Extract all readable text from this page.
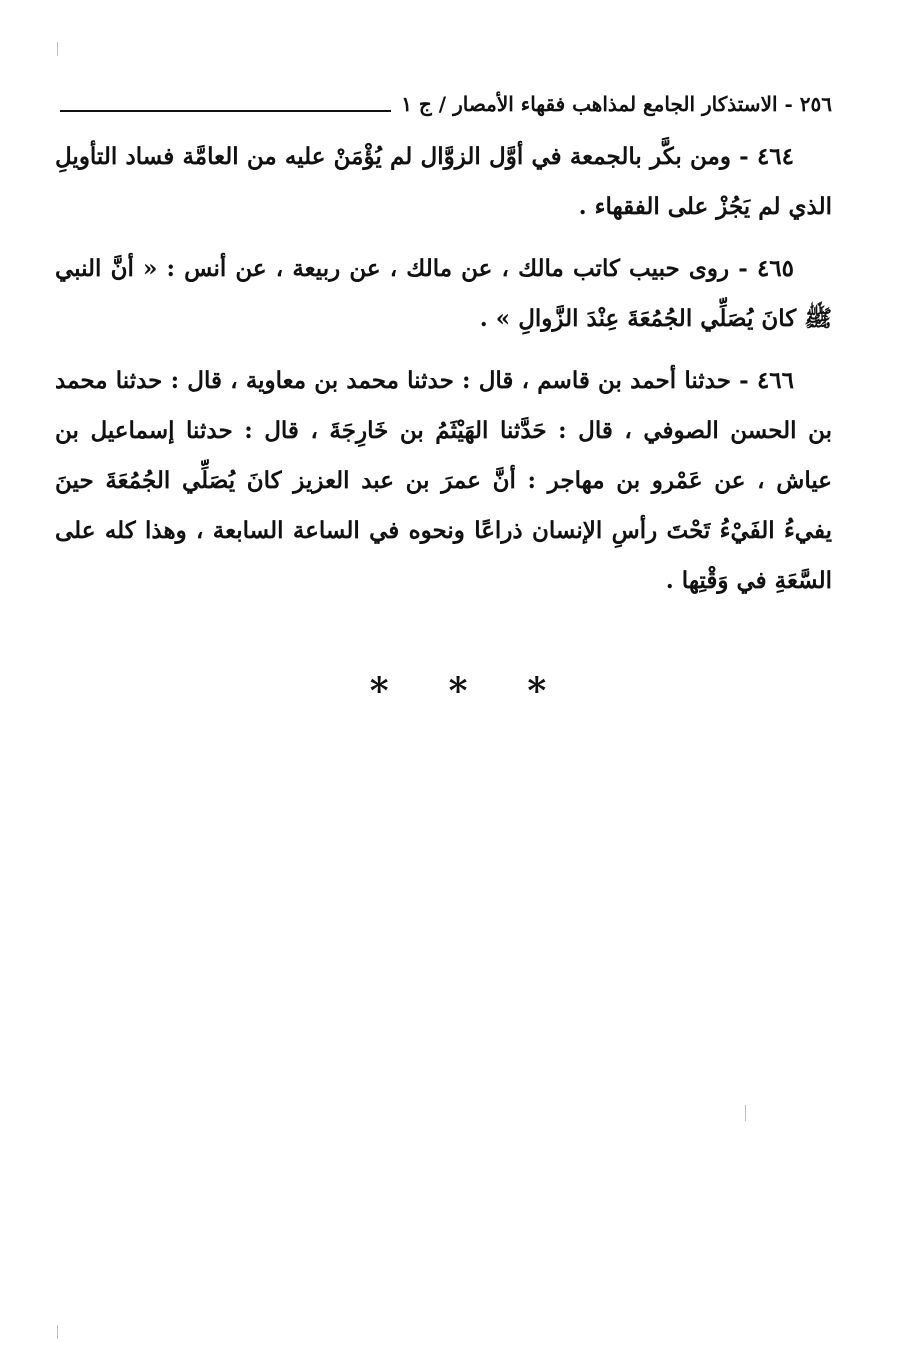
٢٥٦ - الاستذكار الجامع لمذاهب فقهاء الأمصار / ج ١

٤٦٤ - ومن بكَّر بالجمعة في أوَّل الزوَّال لم يُؤْمَنْ عليه من العامَّة فساد التأويلِ الذي لم يَجُزْ على الفقهاء .

٤٦٥ - روى حبيب كاتب مالك ، عن مالك ، عن ربيعة ، عن أنس : « أنَّ النبي ﷺ كانَ يُصَلِّي الجُمُعَةَ عِنْدَ الزَّوالِ » .

٤٦٦ - حدثنا أحمد بن قاسم ، قال : حدثنا محمد بن معاوية ، قال : حدثنا محمد بن الحسن الصوفي ، قال : حَدَّثنا الهَيْثَمُ بن خَارِجَةَ ، قال : حدثنا إسماعيل بن عياش ، عن عَمْرو بن مهاجر : أنَّ عمرَ بن عبد العزيز كانَ يُصَلِّي الجُمُعَةَ حينَ يفيءُ الفَيْءُ تَحْتَ رأسِ الإنسان ذراعًا ونحوه في الساعة السابعة ، وهذا كله على السَّعَةِ في وَقْتِها .

* * *
